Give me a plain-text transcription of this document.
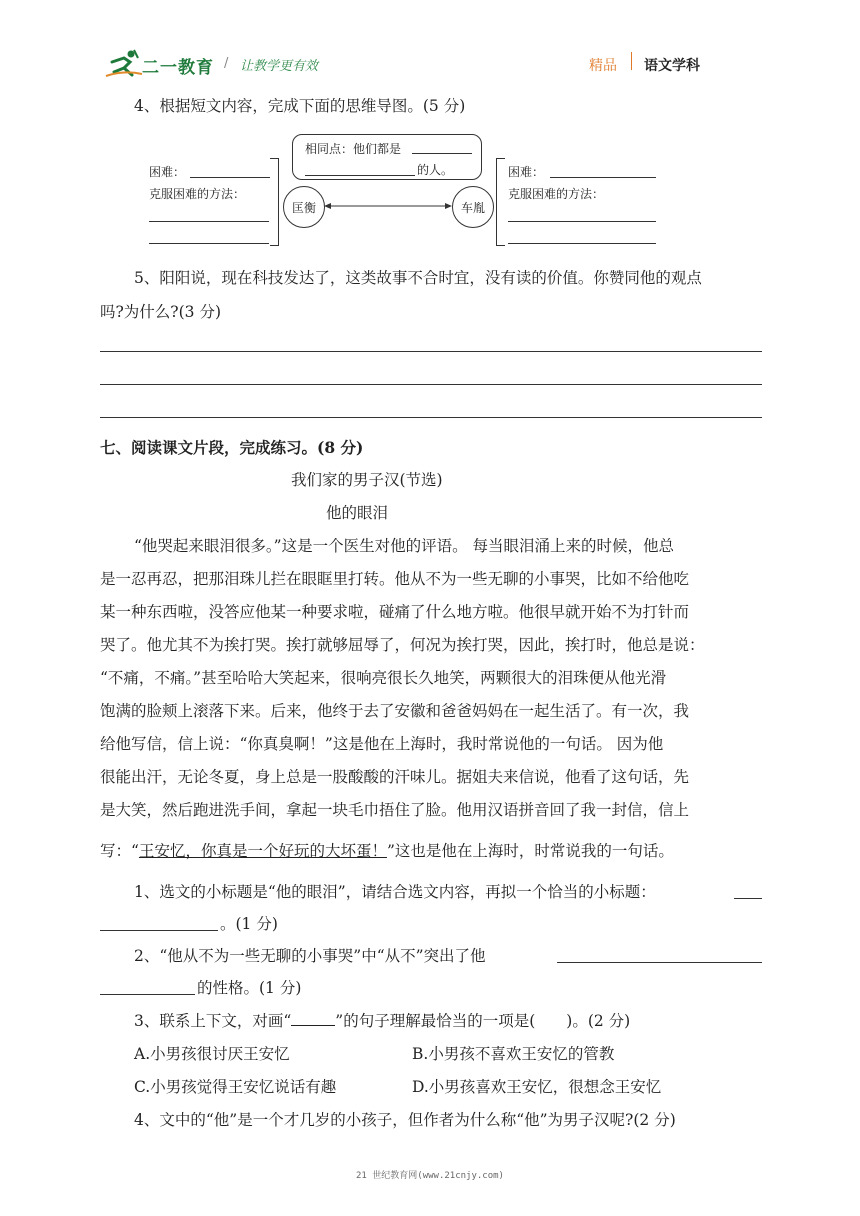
二一教育 / 让教学更有效	精品 语文学科
4、根据短文内容，完成下面的思维导图。(5 分)
困难：
克服困难的方法：
匡衡	车胤
相同点：他们都是
的人。	困难：
克服困难的方法：
5、阳阳说，现在科技发达了，这类故事不合时宜，没有读的价值。你赞同他的观点
吗?为什么?(3 分)
七、阅读课文片段，完成练习。(8 分)
我们家的男子汉(节选)
他的眼泪
“他哭起来眼泪很多。”这是一个医生对他的评语。 每当眼泪涌上来的时候，他总
是一忍再忍，把那泪珠儿拦在眼眶里打转。他从不为一些无聊的小事哭，比如不给他吃
某一种东西啦，没答应他某一种要求啦，碰痛了什么地方啦。他很早就开始不为打针而
哭了。他尤其不为挨打哭。挨打就够屈辱了，何况为挨打哭，因此，挨打时，他总是说：
“不痛，不痛。”甚至哈哈大笑起来，很响亮很长久地笑，两颗很大的泪珠便从他光滑
饱满的脸颊上滚落下来。后来，他终于去了安徽和爸爸妈妈在一起生活了。有一次，我
给他写信，信上说：“你真臭啊！”这是他在上海时，我时常说他的一句话。 因为他
很能出汗，无论冬夏，身上总是一股酸酸的汗味儿。据姐夫来信说，他看了这句话，先
是大笑，然后跑进洗手间，拿起一块毛巾捂住了脸。他用汉语拼音回了我一封信，信上
写：“王安忆，你真是一个好玩的大坏蛋！”这也是他在上海时，时常说我的一句话。
1、选文的小标题是“他的眼泪”，请结合选文内容，再拟一个恰当的小标题：
。(1 分)
2、“他从不为一些无聊的小事哭”中“从不”突出了他
的性格。(1 分)
3、联系上下文，对画“	”的句子理解最恰当的一项是(　　)。(2 分)
A.小男孩很讨厌王安忆	B.小男孩不喜欢王安忆的管教
C.小男孩觉得王安忆说话有趣	D.小男孩喜欢王安忆，很想念王安忆
4、文中的“他”是一个才几岁的小孩子，但作者为什么称“他”为男子汉呢?(2 分)
21 世纪教育网(www.21cnjy.com)
